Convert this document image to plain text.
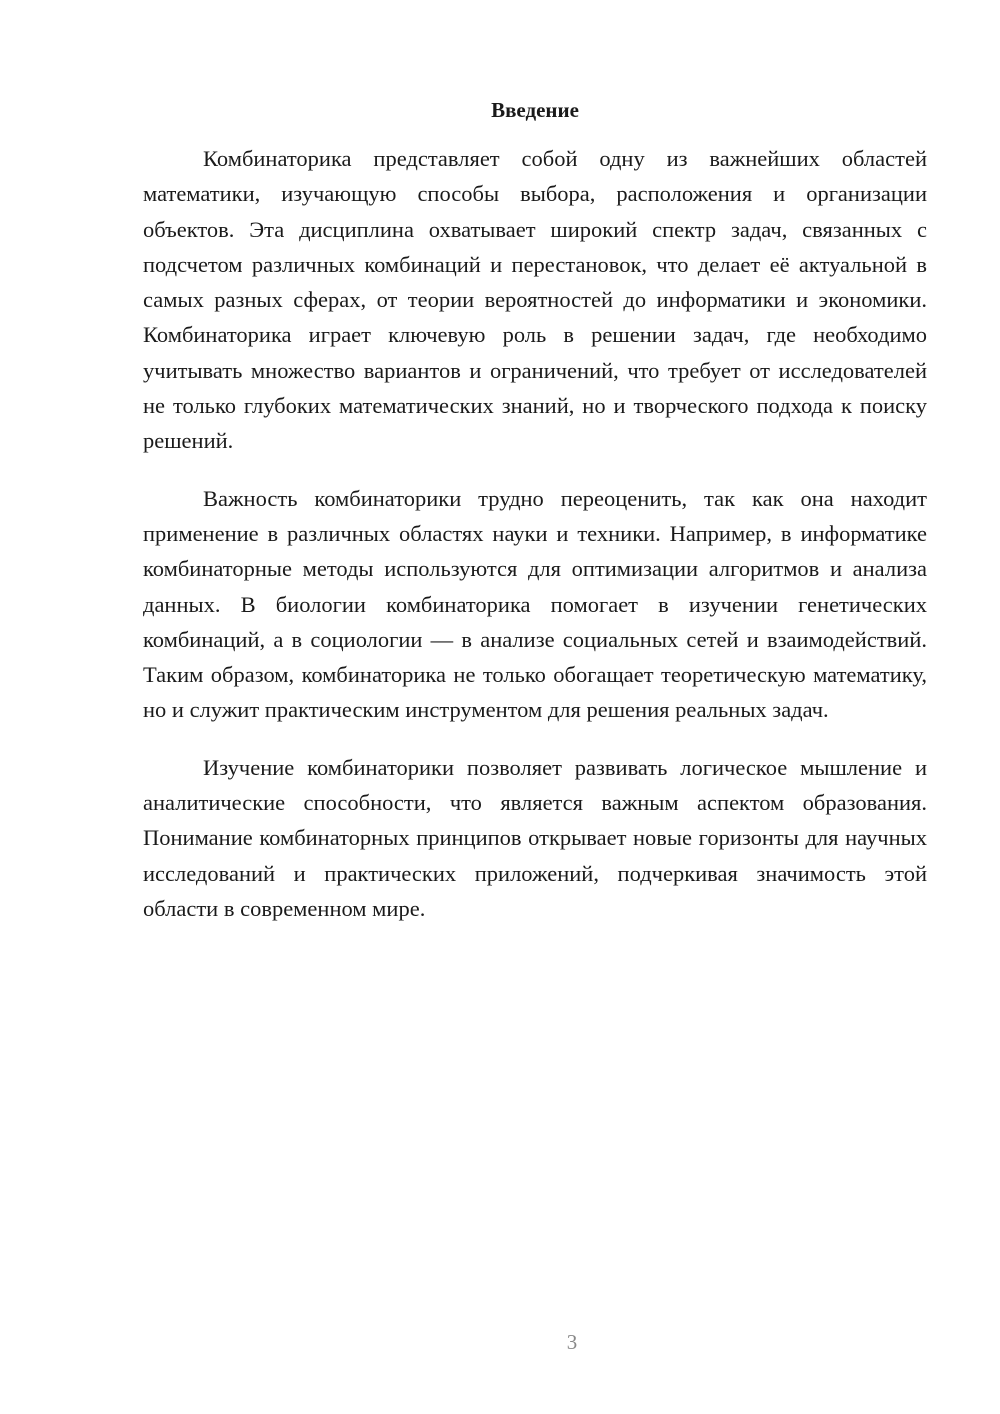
Введение

Комбинаторика представляет собой одну из важнейших областей математики, изучающую способы выбора, расположения и организации объектов. Эта дисциплина охватывает широкий спектр задач, связанных с подсчетом различных комбинаций и перестановок, что делает её актуальной в самых разных сферах, от теории вероятностей до информатики и экономики. Комбинаторика играет ключевую роль в решении задач, где необходимо учитывать множество вариантов и ограничений, что требует от исследователей не только глубоких математических знаний, но и творческого подхода к поиску решений.

Важность комбинаторики трудно переоценить, так как она находит применение в различных областях науки и техники. Например, в информатике комбинаторные методы используются для оптимизации алгоритмов и анализа данных. В биологии комбинаторика помогает в изучении генетических комбинаций, а в социологии — в анализе социальных сетей и взаимодействий. Таким образом, комбинаторика не только обогащает теоретическую математику, но и служит практическим инструментом для решения реальных задач.

Изучение комбинаторики позволяет развивать логическое мышление и аналитические способности, что является важным аспектом образования. Понимание комбинаторных принципов открывает новые горизонты для научных исследований и практических приложений, подчеркивая значимость этой области в современном мире.

3
